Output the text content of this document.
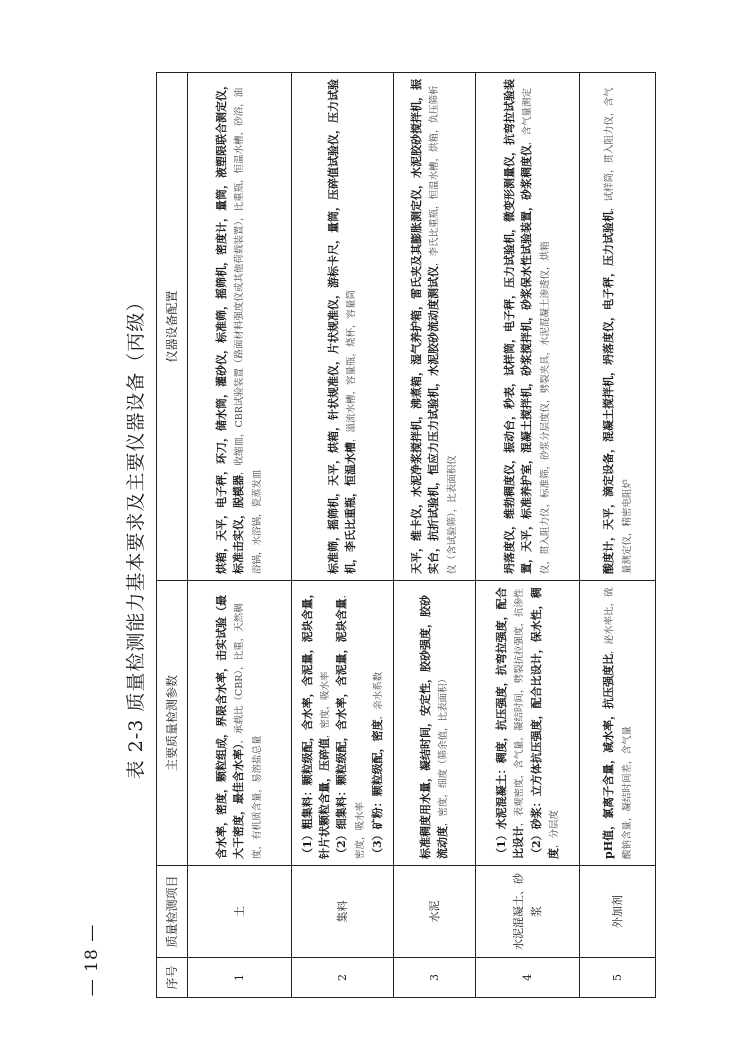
— 18 —
表 2-3 质量检测能力基本要求及主要仪器设备（丙级）
序号	质量检测项目	主要质量检测参数	仪器设备配置
1	土	含水率，密度，颗粒组成，界限含水率，击实试验（最大干密度，最佳含水率），承载比（CBR），比重，天然稠度，有机质含量，易溶盐总量	烘箱，天平，电子秤，环刀，储水筒，灌砂仪，标准筛，摇筛机，密度计，量筒，液塑限联合测定仪，标准击实仪，脱模器，收缩皿，CBR试验装置（路面材料强度仪或其他荷载装置），比重瓶，恒温水槽，砂浴，油浴锅，水浴锅，瓷蒸发皿

2	集料	（1）粗集料：颗粒级配，含水率，含泥量，泥块含量，针片状颗粒含量，压碎值，密度，吸水率 （2）细集料：颗粒级配，含水率，含泥量，泥块含量，密度，吸水率 （3）矿粉：颗粒级配，密度，亲水系数	标准筛，摇筛机，天平，烘箱，针状规准仪，片状规准仪，游标卡尺，量筒，压碎值试验仪，压力试验机，李氏比重瓶，恒温水槽，溢流水槽，容量瓶，烧杯，容量筒

3	水泥	标准稠度用水量，凝结时间，安定性，胶砂强度，胶砂流动度，密度，细度（筛余值，比表面积）	天平，维卡仪，水泥净浆搅拌机，沸煮箱，湿气养护箱，雷氏夹及其膨胀测定仪，水泥胶砂搅拌机，振实台，抗折试验机，恒应力压力试验机，水泥胶砂流动度测试仪，李氏比重瓶，恒温水槽，烘箱，负压筛析仪（含试验筛），比表面积仪

4	水泥混凝土、砂浆	（1）水泥混凝土：稠度，抗压强度，抗弯拉强度，配合比设计，表观密度，含气量，凝结时间，劈裂抗拉强度，抗渗性 （2）砂浆：立方体抗压强度，配合比设计，保水性，稠度，分层度	坍落度仪，维勃稠度仪，振动台，秒表，试样筒，电子秤，压力试验机，微变形测量仪，抗弯拉试验装置，天平，标准养护室，混凝土搅拌机，砂浆搅拌机，砂浆保水性试验装置，砂浆稠度仪，含气量测定仪，贯入阻力仪，标准筛，砂浆分层度仪，劈裂夹具，水泥混凝土渗透仪，烘箱

5	外加剂	pH值，氯离子含量，减水率，抗压强度比，泌水率比，硫酸钠含量，凝结时间差，含气量	酸度计，天平，滴定设备，混凝土搅拌机，坍落度仪，电子秤，压力试验机，试样筒，贯入阻力仪，含气量测定仪，精密电阻炉
